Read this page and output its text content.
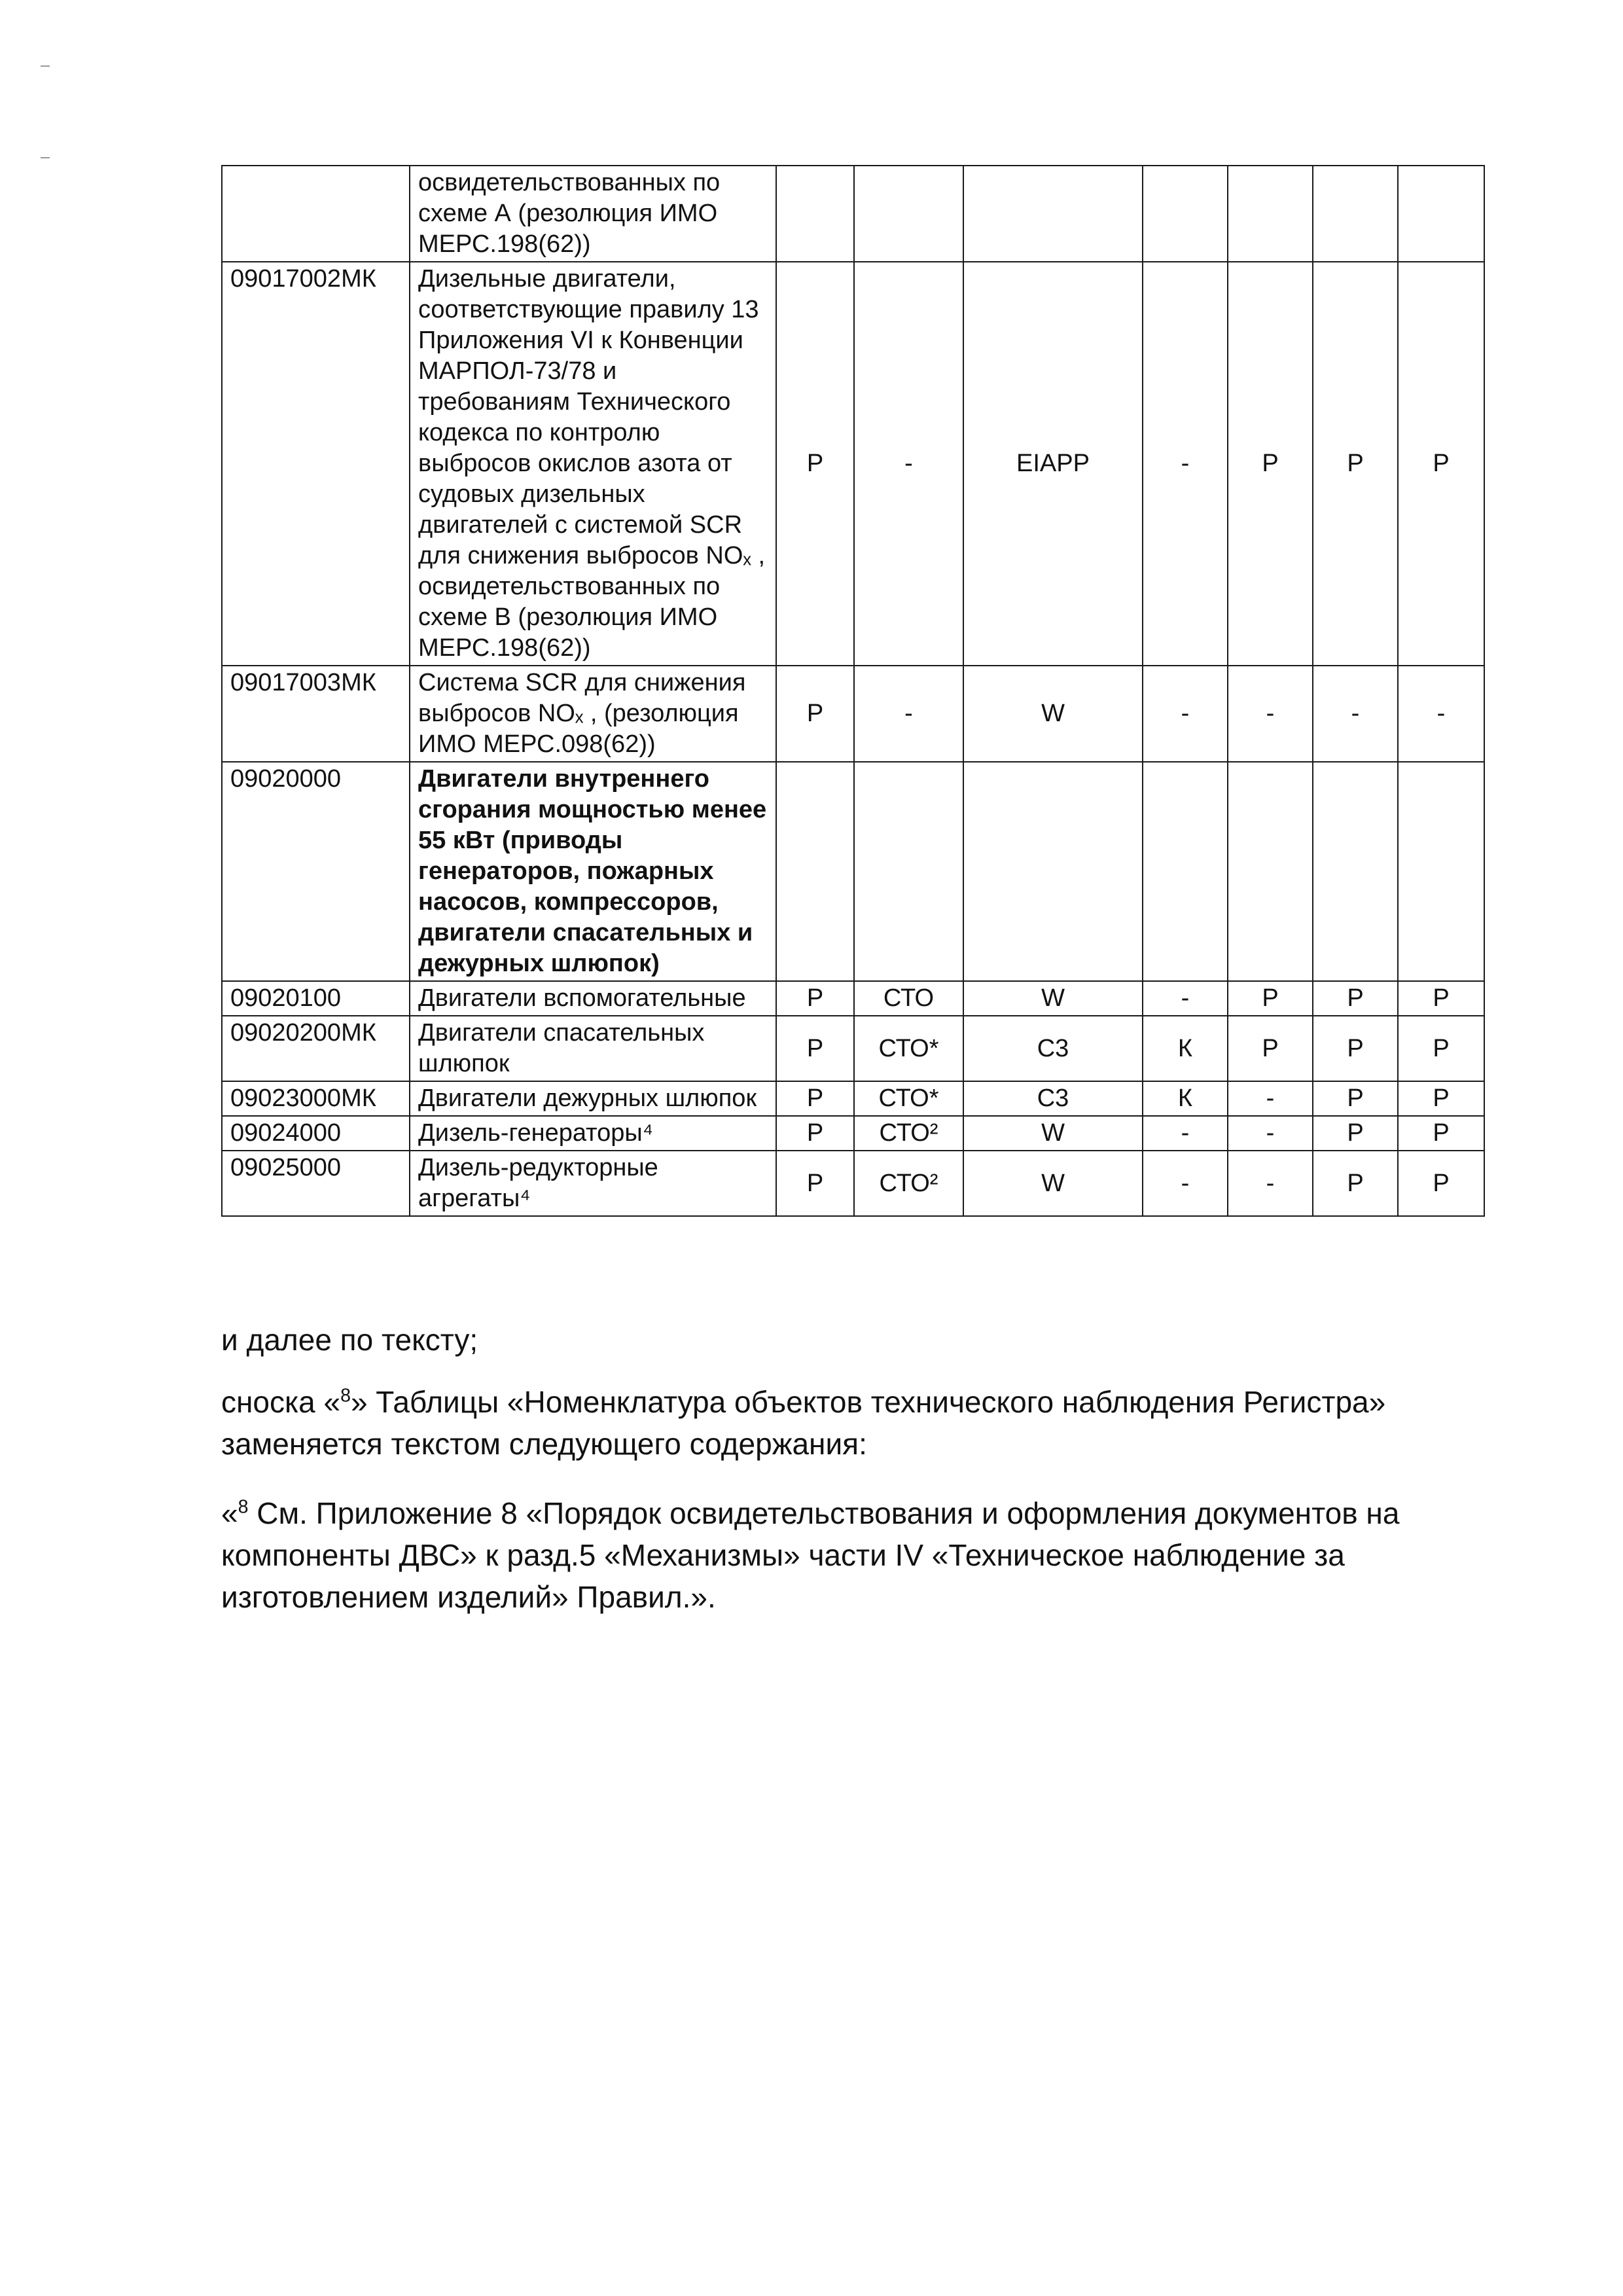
	освидетельствованных по схеме А (резолюция ИМО МЕРС.198(62))							
09017002МК	Дизельные двигатели, соответствующие правилу 13 Приложения VI к Конвенции МАРПОЛ-73/78 и требованиям Технического кодекса по контролю выбросов окислов азота от судовых дизельных двигателей с системой SCR для снижения выбросов NOₓ , освидетельствованных по схеме В (резолюция ИМО МЕРС.198(62))	Р	-	EIAPP	-	Р	Р	Р
09017003МК	Система SCR для снижения выбросов NOₓ , (резолюция ИМО МЕРС.098(62))	Р	-	W	-	-	-	-
09020000	Двигатели внутреннего сгорания мощностью менее 55 кВт (приводы генераторов, пожарных насосов, компрессоров, двигатели спасательных и дежурных шлюпок)							
09020100	Двигатели вспомогательные	Р	СТО	W	-	Р	Р	Р
09020200МК	Двигатели спасательных шлюпок	Р	СТО*	С3	К	Р	Р	Р
09023000МК	Двигатели дежурных шлюпок	Р	СТО*	С3	К	-	Р	Р
09024000	Дизель-генераторы⁴	Р	СТО²	W	-	-	Р	Р
09025000	Дизель-редукторные агрегаты⁴	Р	СТО²	W	-	-	Р	Р

и далее по тексту;

сноска «$^8$» Таблицы «Номенклатура объектов технического наблюдения Регистра» заменяется текстом следующего содержания:

«$^8$ См. Приложение 8 «Порядок освидетельствования и оформления документов на компоненты ДВС» к разд.5 «Механизмы» части IV «Техническое наблюдение за изготовлением изделий» Правил.».
